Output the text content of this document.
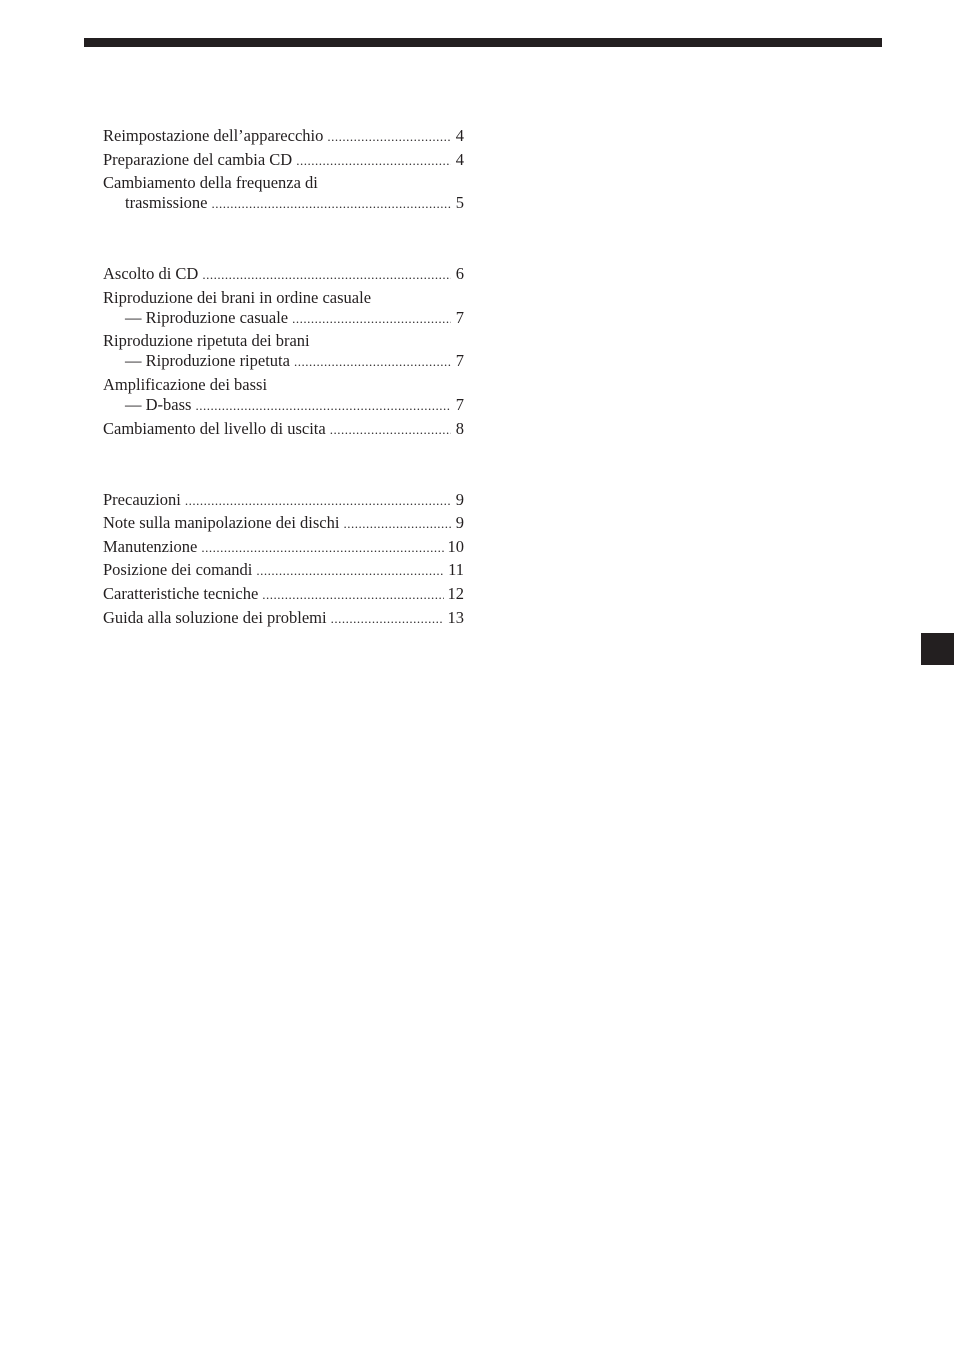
Reimpostazione dell’apparecchio .....	4
Preparazione del cambia CD .....	4
Cambiamento della frequenza di
trasmissione .....	5
Ascolto di CD .....	6
Riproduzione dei brani in ordine casuale
— Riproduzione casuale .....	7
Riproduzione ripetuta dei brani
— Riproduzione ripetuta .....	7
Amplificazione dei bassi
— D-bass .....	7
Cambiamento del livello di uscita .....	8
Precauzioni .....	9
Note sulla manipolazione dei dischi .....	9
Manutenzione .....	10
Posizione dei comandi .....	11
Caratteristiche tecniche .....	12
Guida alla soluzione dei problemi .....	13
